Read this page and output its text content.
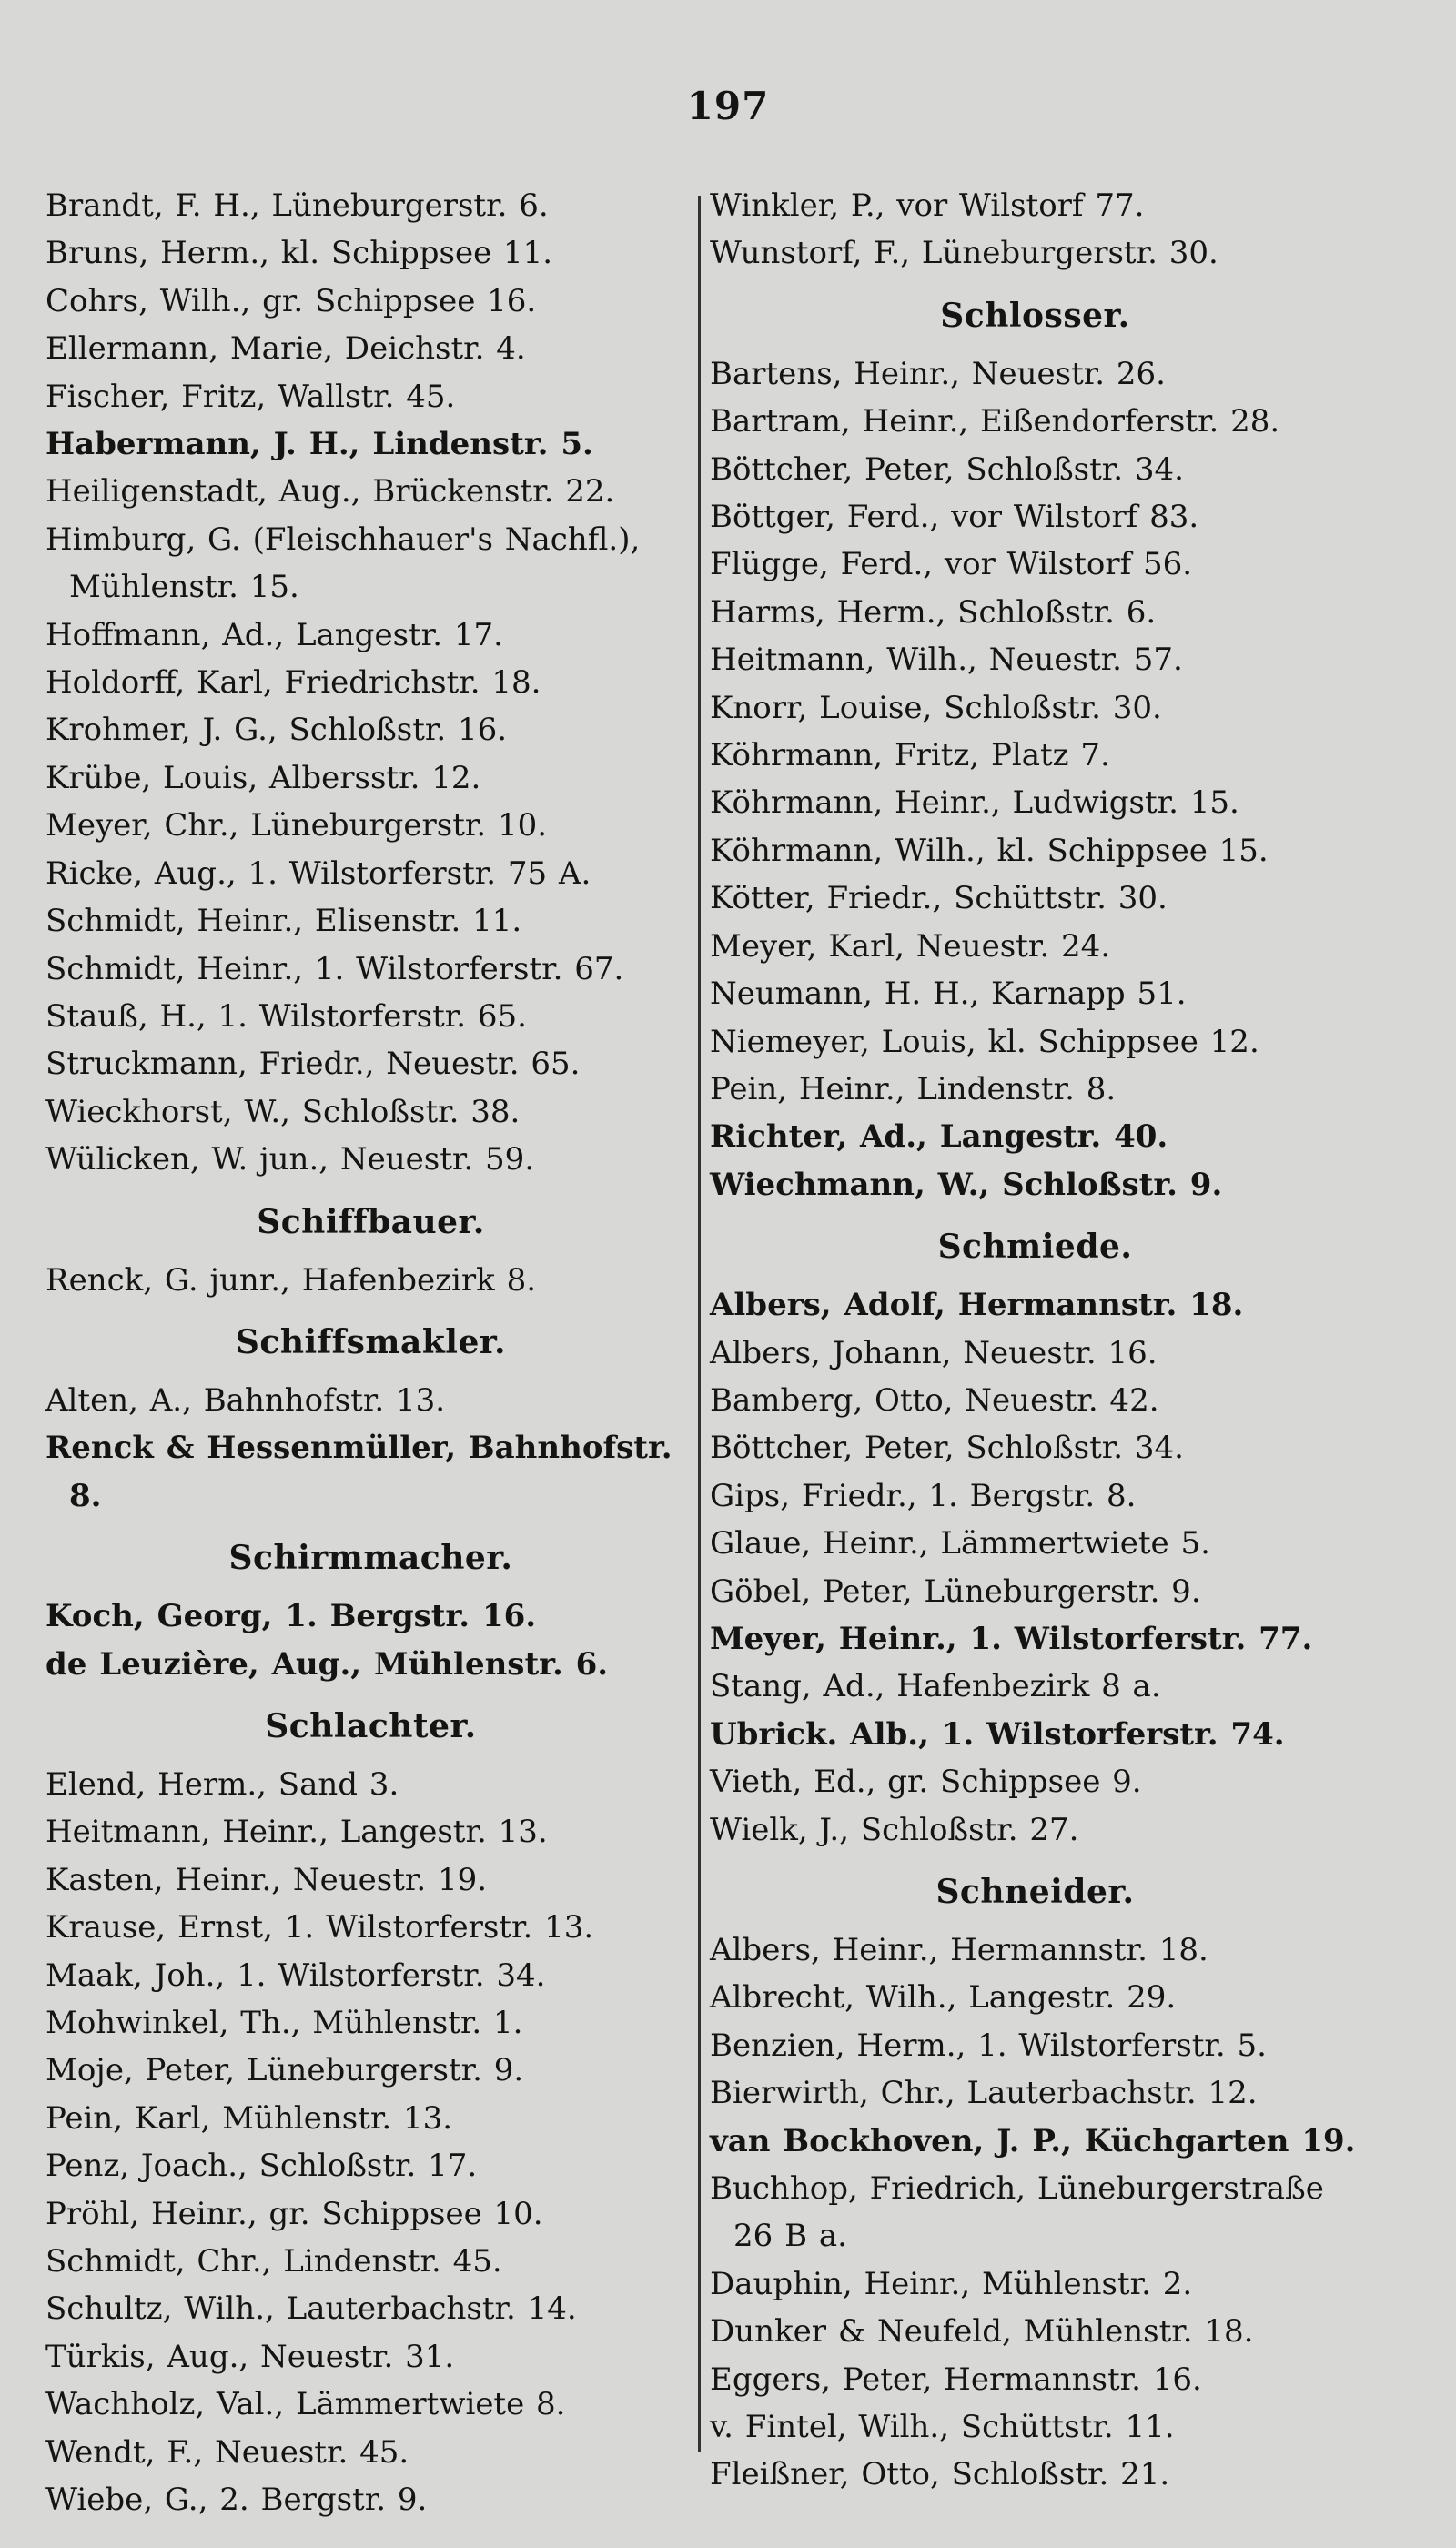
197
Brandt, F. H., Lüneburgerstr. 6.
Bruns, Herm., kl. Schippsee 11.
Cohrs, Wilh., gr. Schippsee 16.
Ellermann, Marie, Deichstr. 4.
Fischer, Fritz, Wallstr. 45.
Habermann, J. H., Lindenstr. 5.
Heiligenstadt, Aug., Brückenstr. 22.
Himburg, G. (Fleischhauer's Nachfl.), Mühlenstr. 15.
Hoffmann, Ad., Langestr. 17.
Holdorff, Karl, Friedrichstr. 18.
Krohmer, J. G., Schloßstr. 16.
Krübe, Louis, Albersstr. 12.
Meyer, Chr., Lüneburgerstr. 10.
Ricke, Aug., 1. Wilstorferstr. 75 A.
Schmidt, Heinr., Elisenstr. 11.
Schmidt, Heinr., 1. Wilstorferstr. 67.
Stauß, H., 1. Wilstorferstr. 65.
Struckmann, Friedr., Neuestr. 65.
Wieckhorst, W., Schloßstr. 38.
Wülicken, W. jun., Neuestr. 59.
Schiffbauer.
Renck, G. junr., Hafenbezirk 8.
Schiffsmakler.
Alten, A., Bahnhofstr. 13.
Renck & Hessenmüller, Bahnhofstr. 8.
Schirmmacher.
Koch, Georg, 1. Bergstr. 16.
de Leuzière, Aug., Mühlenstr. 6.
Schlachter.
Elend, Herm., Sand 3.
Heitmann, Heinr., Langestr. 13.
Kasten, Heinr., Neuestr. 19.
Krause, Ernst, 1. Wilstorferstr. 13.
Maak, Joh., 1. Wilstorferstr. 34.
Mohwinkel, Th., Mühlenstr. 1.
Moje, Peter, Lüneburgerstr. 9.
Pein, Karl, Mühlenstr. 13.
Penz, Joach., Schloßstr. 17.
Pröhl, Heinr., gr. Schippsee 10.
Schmidt, Chr., Lindenstr. 45.
Schultz, Wilh., Lauterbachstr. 14.
Türkis, Aug., Neuestr. 31.
Wachholz, Val., Lämmertwiete 8.
Wendt, F., Neuestr. 45.
Wiebe, G., 2. Bergstr. 9.
Winkler, P., vor Wilstorf 77.
Wunstorf, F., Lüneburgerstr. 30.
Schlosser.
Bartens, Heinr., Neuestr. 26.
Bartram, Heinr., Eißendorferstr. 28.
Böttcher, Peter, Schloßstr. 34.
Böttger, Ferd., vor Wilstorf 83.
Flügge, Ferd., vor Wilstorf 56.
Harms, Herm., Schloßstr. 6.
Heitmann, Wilh., Neuestr. 57.
Knorr, Louise, Schloßstr. 30.
Köhrmann, Fritz, Platz 7.
Köhrmann, Heinr., Ludwigstr. 15.
Köhrmann, Wilh., kl. Schippsee 15.
Kötter, Friedr., Schüttstr. 30.
Meyer, Karl, Neuestr. 24.
Neumann, H. H., Karnapp 51.
Niemeyer, Louis, kl. Schippsee 12.
Pein, Heinr., Lindenstr. 8.
Richter, Ad., Langestr. 40.
Wiechmann, W., Schloßstr. 9.
Schmiede.
Albers, Adolf, Hermannstr. 18.
Albers, Johann, Neuestr. 16.
Bamberg, Otto, Neuestr. 42.
Böttcher, Peter, Schloßstr. 34.
Gips, Friedr., 1. Bergstr. 8.
Glaue, Heinr., Lämmertwiete 5.
Göbel, Peter, Lüneburgerstr. 9.
Meyer, Heinr., 1. Wilstorferstr. 77.
Stang, Ad., Hafenbezirk 8 a.
Ubrick. Alb., 1. Wilstorferstr. 74.
Vieth, Ed., gr. Schippsee 9.
Wielk, J., Schloßstr. 27.
Schneider.
Albers, Heinr., Hermannstr. 18.
Albrecht, Wilh., Langestr. 29.
Benzien, Herm., 1. Wilstorferstr. 5.
Bierwirth, Chr., Lauterbachstr. 12.
van Bockhoven, J. P., Küchgarten 19.
Buchhop, Friedrich, Lüneburgerstraße 26 B a.
Dauphin, Heinr., Mühlenstr. 2.
Dunker & Neufeld, Mühlenstr. 18.
Eggers, Peter, Hermannstr. 16.
v. Fintel, Wilh., Schüttstr. 11.
Fleißner, Otto, Schloßstr. 21.
